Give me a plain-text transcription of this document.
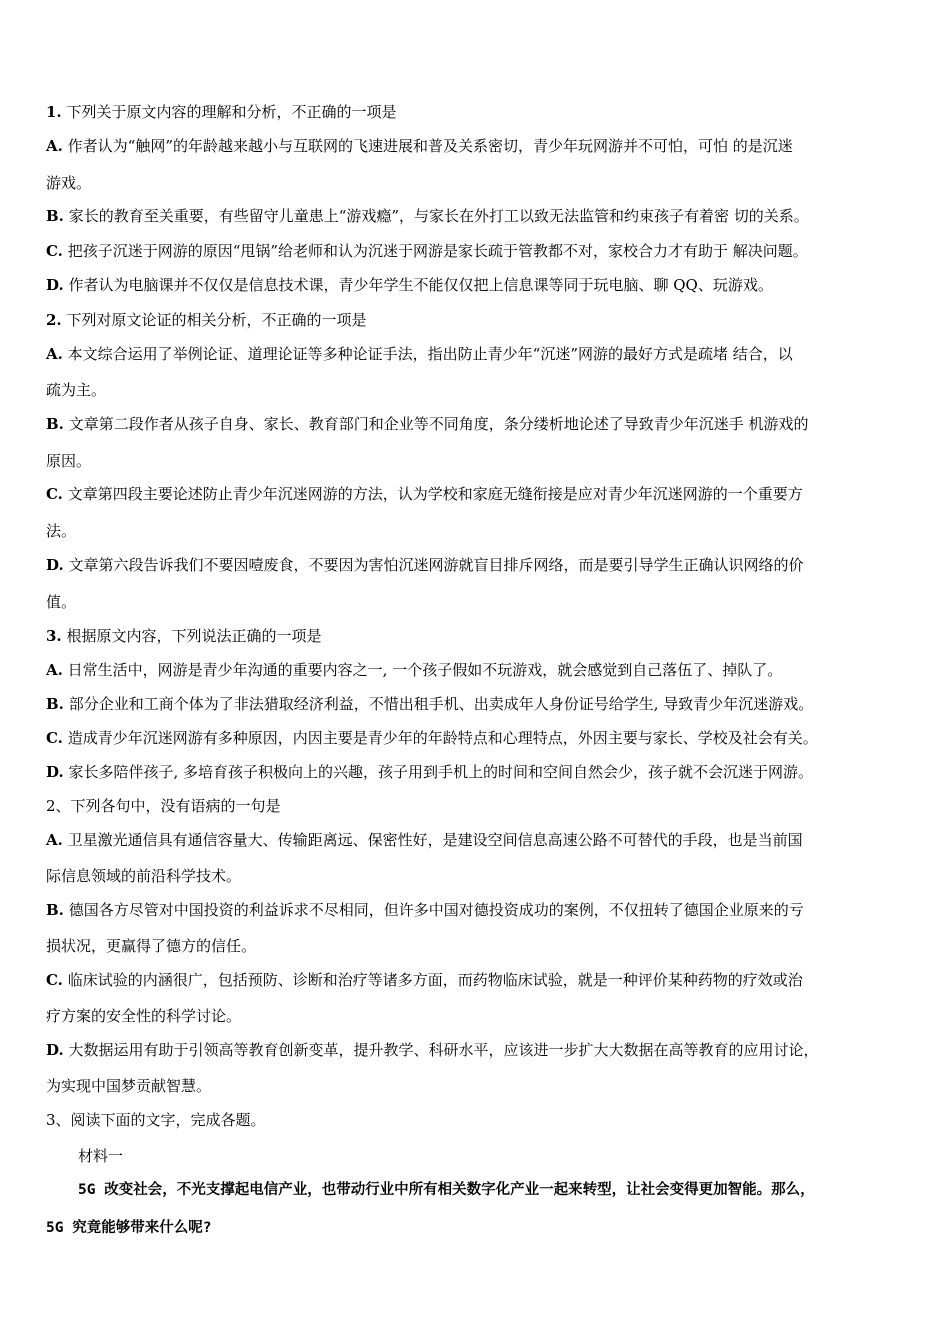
1. 下列关于原文内容的理解和分析，不正确的一项是

A. 作者认为“触网”的年龄越来越小与互联网的飞速进展和普及关系密切，青少年玩网游并不可怕，可怕 的是沉迷

游戏。

B. 家长的教育至关重要，有些留守儿童患上“游戏瘾”，与家长在外打工以致无法监管和约束孩子有着密 切的关系。

C. 把孩子沉迷于网游的原因“甩锅”给老师和认为沉迷于网游是家长疏于管教都不对，家校合力才有助于 解决问题。

D. 作者认为电脑课并不仅仅是信息技术课，青少年学生不能仅仅把上信息课等同于玩电脑、聊 QQ、玩游戏。

2. 下列对原文论证的相关分析，不正确的一项是

A. 本文综合运用了举例论证、道理论证等多种论证手法，指出防止青少年“沉迷”网游的最好方式是疏堵 结合，以

疏为主。

B. 文章第二段作者从孩子自身、家长、教育部门和企业等不同角度，条分缕析地论述了导致青少年沉迷手 机游戏的

原因。

C. 文章第四段主要论述防止青少年沉迷网游的方法，认为学校和家庭无缝衔接是应对青少年沉迷网游的一个重要方

法。

D. 文章第六段告诉我们不要因噎废食，不要因为害怕沉迷网游就盲目排斥网络，而是要引导学生正确认识网络的价

值。

3. 根据原文内容，下列说法正确的一项是

A. 日常生活中，网游是青少年沟通的重要内容之一, 一个孩子假如不玩游戏，就会感觉到自己落伍了、掉队了。

B. 部分企业和工商个体为了非法猎取经济利益，不惜出租手机、出卖成年人身份证号给学生, 导致青少年沉迷游戏。

C. 造成青少年沉迷网游有多种原因，内因主要是青少年的年龄特点和心理特点，外因主要与家长、学校及社会有关。

D. 家长多陪伴孩子, 多培育孩子积极向上的兴趣，孩子用到手机上的时间和空间自然会少，孩子就不会沉迷于网游。

2、下列各句中，没有语病的一句是

A. 卫星激光通信具有通信容量大、传输距离远、保密性好，是建设空间信息高速公路不可替代的手段，也是当前国

际信息领域的前沿科学技术。

B. 德国各方尽管对中国投资的利益诉求不尽相同，但许多中国对德投资成功的案例，不仅扭转了德国企业原来的亏

损状况，更赢得了德方的信任。

C. 临床试验的内涵很广，包括预防、诊断和治疗等诸多方面，而药物临床试验，就是一种评价某种药物的疗效或治

疗方案的安全性的科学讨论。

D. 大数据运用有助于引领高等教育创新变革，提升教学、科研水平，应该进一步扩大大数据在高等教育的应用讨论，

为实现中国梦贡献智慧。

3、阅读下面的文字，完成各题。

材料一

5G 改变社会，不光支撑起电信产业，也带动行业中所有相关数字化产业一起来转型，让社会变得更加智能。那么，

5G 究竟能够带来什么呢?
